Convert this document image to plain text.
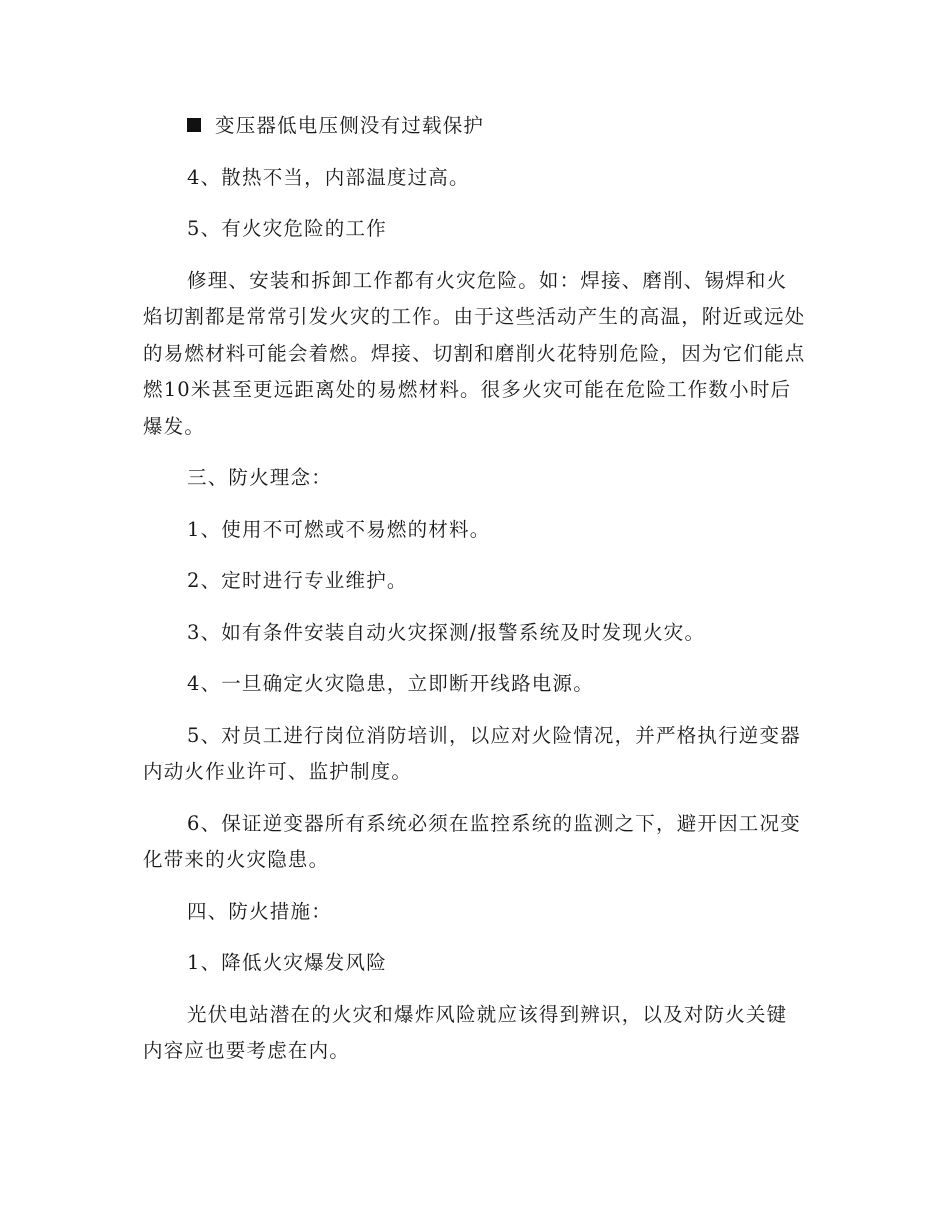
变压器低电压侧没有过载保护

4、散热不当，内部温度过高。

5、有火灾危险的工作

修理、安装和拆卸工作都有火灾危险。如：焊接、磨削、锡焊和火焰切割都是常常引发火灾的工作。由于这些活动产生的高温，附近或远处的易燃材料可能会着燃。焊接、切割和磨削火花特别危险，因为它们能点燃10米甚至更远距离处的易燃材料。很多火灾可能在危险工作数小时后爆发。

三、防火理念：

1、使用不可燃或不易燃的材料。

2、定时进行专业维护。

3、如有条件安装自动火灾探测/报警系统及时发现火灾。

4、一旦确定火灾隐患，立即断开线路电源。

5、对员工进行岗位消防培训，以应对火险情况，并严格执行逆变器内动火作业许可、监护制度。

6、保证逆变器所有系统必须在监控系统的监测之下，避开因工况变化带来的火灾隐患。

四、防火措施：

1、降低火灾爆发风险

光伏电站潜在的火灾和爆炸风险就应该得到辨识，以及对防火关键内容应也要考虑在内。
